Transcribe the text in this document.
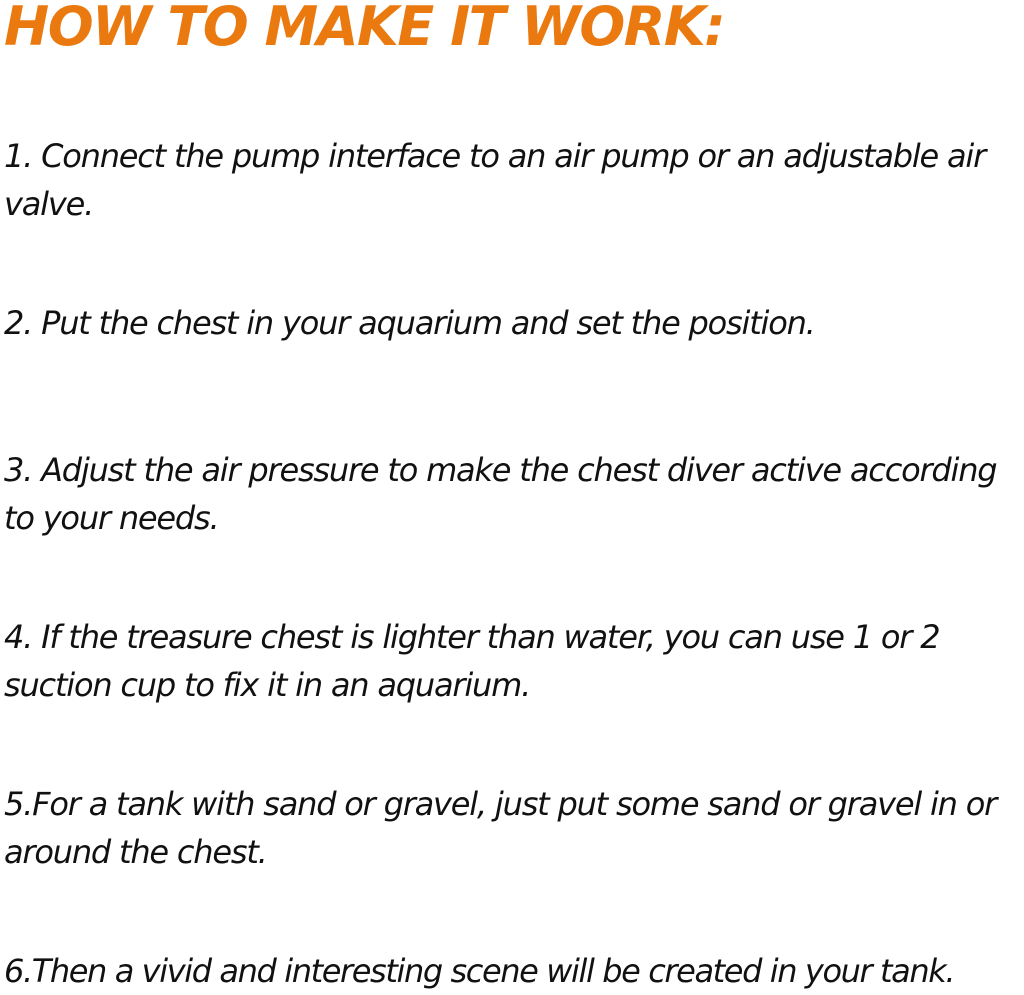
HOW TO MAKE IT WORK:

1. Connect the pump interface to an air pump or an adjustable air valve.

2. Put the chest in your aquarium and set the position.

3. Adjust the air pressure to make the chest diver active according to your needs.

4. If the treasure chest is lighter than water, you can use 1 or 2 suction cup to fix it in an aquarium.

5.For a tank with sand or gravel, just put some sand or gravel in or around the chest.

6.Then a vivid and interesting scene will be created in your tank.
